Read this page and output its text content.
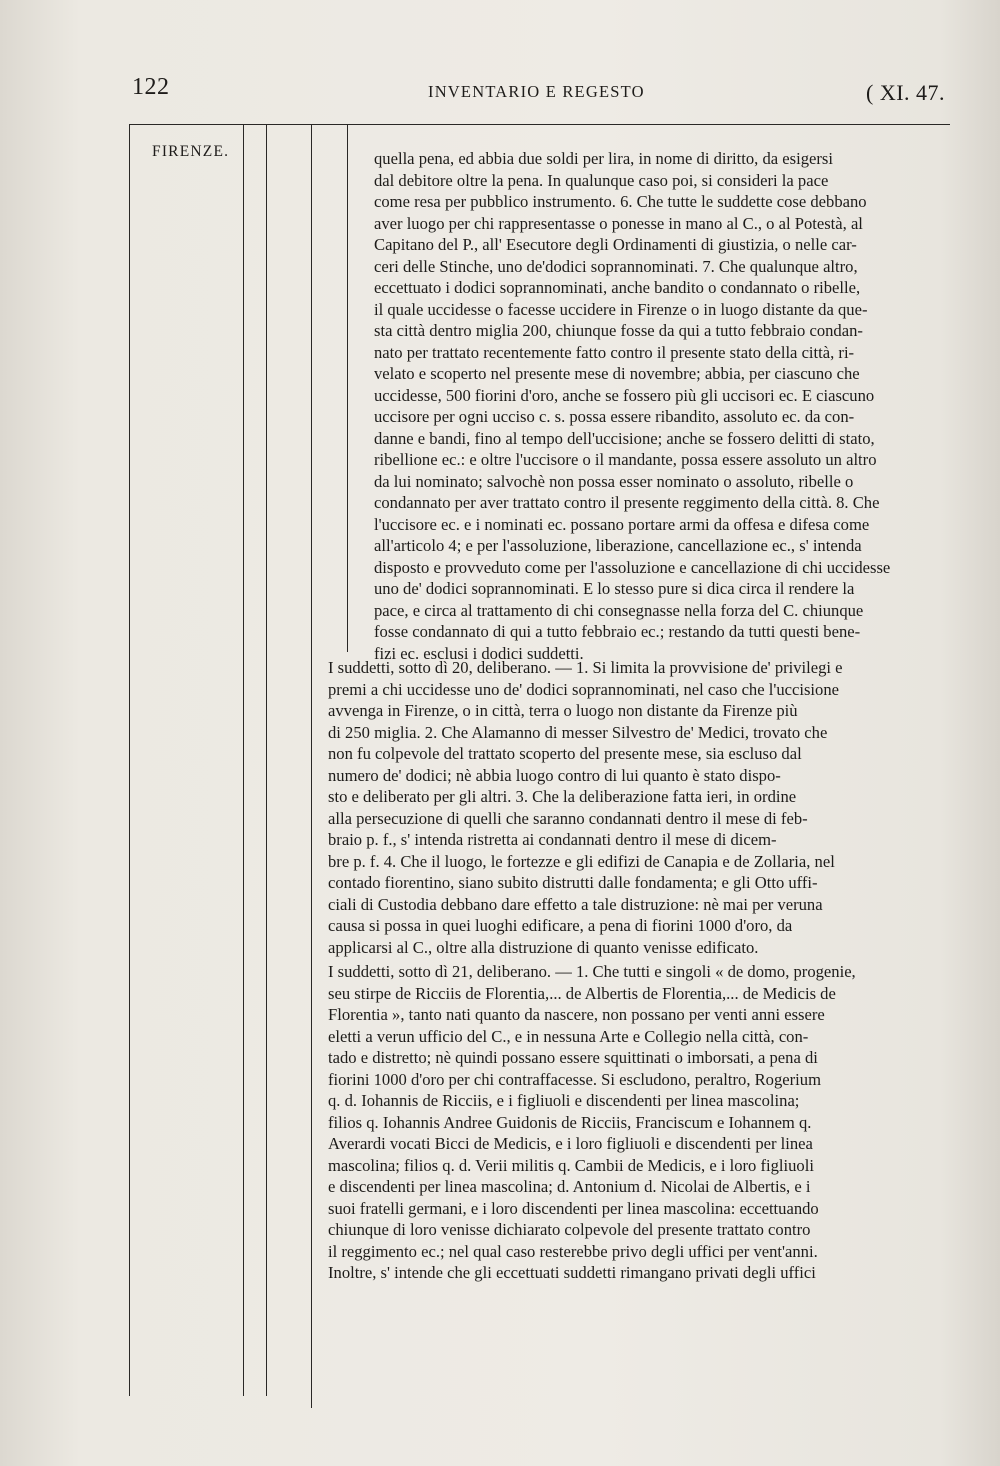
122	INVENTARIO E REGESTO	( XI. 47.
FIRENZE.	quella pena, ed abbia due soldi per lira, in nome di diritto, da esigersi
dal debitore oltre la pena. In qualunque caso poi, si consideri la pace
come resa per pubblico instrumento. 6. Che tutte le suddette cose debbano
aver luogo per chi rappresentasse o ponesse in mano al C., o al Potestà, al
Capitano del P., all' Esecutore degli Ordinamenti di giustizia, o nelle car-
ceri delle Stinche, uno de'dodici soprannominati. 7. Che qualunque altro,
eccettuato i dodici soprannominati, anche bandito o condannato o ribelle,
il quale uccidesse o facesse uccidere in Firenze o in luogo distante da que-
sta città dentro miglia 200, chiunque fosse da qui a tutto febbraio condan-
nato per trattato recentemente fatto contro il presente stato della città, ri-
velato e scoperto nel presente mese di novembre; abbia, per ciascuno che
uccidesse, 500 fiorini d'oro, anche se fossero più gli uccisori ec. E ciascuno
uccisore per ogni ucciso c. s. possa essere ribandito, assoluto ec. da con-
danne e bandi, fino al tempo dell'uccisione; anche se fossero delitti di stato,
ribellione ec.: e oltre l'uccisore o il mandante, possa essere assoluto un altro
da lui nominato; salvochè non possa esser nominato o assoluto, ribelle o
condannato per aver trattato contro il presente reggimento della città. 8. Che
l'uccisore ec. e i nominati ec. possano portare armi da offesa e difesa come
all'articolo 4; e per l'assoluzione, liberazione, cancellazione ec., s' intenda
disposto e provveduto come per l'assoluzione e cancellazione di chi uccidesse
uno de' dodici soprannominati. E lo stesso pure si dica circa il rendere la
pace, e circa al trattamento di chi consegnasse nella forza del C. chiunque
fosse condannato di qui a tutto febbraio ec.; restando da tutti questi bene-
fizi ec. esclusi i dodici suddetti.
I suddetti, sotto dì 20, deliberano. — 1. Si limita la provvisione de' privilegi e
premi a chi uccidesse uno de' dodici soprannominati, nel caso che l'uccisione
avvenga in Firenze, o in città, terra o luogo non distante da Firenze più
di 250 miglia. 2. Che Alamanno di messer Silvestro de' Medici, trovato che
non fu colpevole del trattato scoperto del presente mese, sia escluso dal
numero de' dodici; nè abbia luogo contro di lui quanto è stato dispo-
sto e deliberato per gli altri. 3. Che la deliberazione fatta ieri, in ordine
alla persecuzione di quelli che saranno condannati dentro il mese di feb-
braio p. f., s' intenda ristretta ai condannati dentro il mese di dicem-
bre p. f. 4. Che il luogo, le fortezze e gli edifizi de Canapia e de Zollaria, nel
contado fiorentino, siano subito distrutti dalle fondamenta; e gli Otto uffi-
ciali di Custodia debbano dare effetto a tale distruzione: nè mai per veruna
causa si possa in quei luoghi edificare, a pena di fiorini 1000 d'oro, da
applicarsi al C., oltre alla distruzione di quanto venisse edificato.
I suddetti, sotto dì 21, deliberano. — 1. Che tutti e singoli « de domo, progenie,
seu stirpe de Ricciis de Florentia,... de Albertis de Florentia,... de Medicis de
Florentia », tanto nati quanto da nascere, non possano per venti anni essere
eletti a verun ufficio del C., e in nessuna Arte e Collegio nella città, con-
tado e distretto; nè quindi possano essere squittinati o imborsati, a pena di
fiorini 1000 d'oro per chi contraffacesse. Si escludono, peraltro, Rogerium
q. d. Iohannis de Ricciis, e i figliuoli e discendenti per linea mascolina;
filios q. Iohannis Andree Guidonis de Ricciis, Franciscum e Iohannem q.
Averardi vocati Bicci de Medicis, e i loro figliuoli e discendenti per linea
mascolina; filios q. d. Verii militis q. Cambii de Medicis, e i loro figliuoli
e discendenti per linea mascolina; d. Antonium d. Nicolai de Albertis, e i
suoi fratelli germani, e i loro discendenti per linea mascolina: eccettuando
chiunque di loro venisse dichiarato colpevole del presente trattato contro
il reggimento ec.; nel qual caso resterebbe privo degli uffici per vent'anni.
Inoltre, s' intende che gli eccettuati suddetti rimangano privati degli uffici
